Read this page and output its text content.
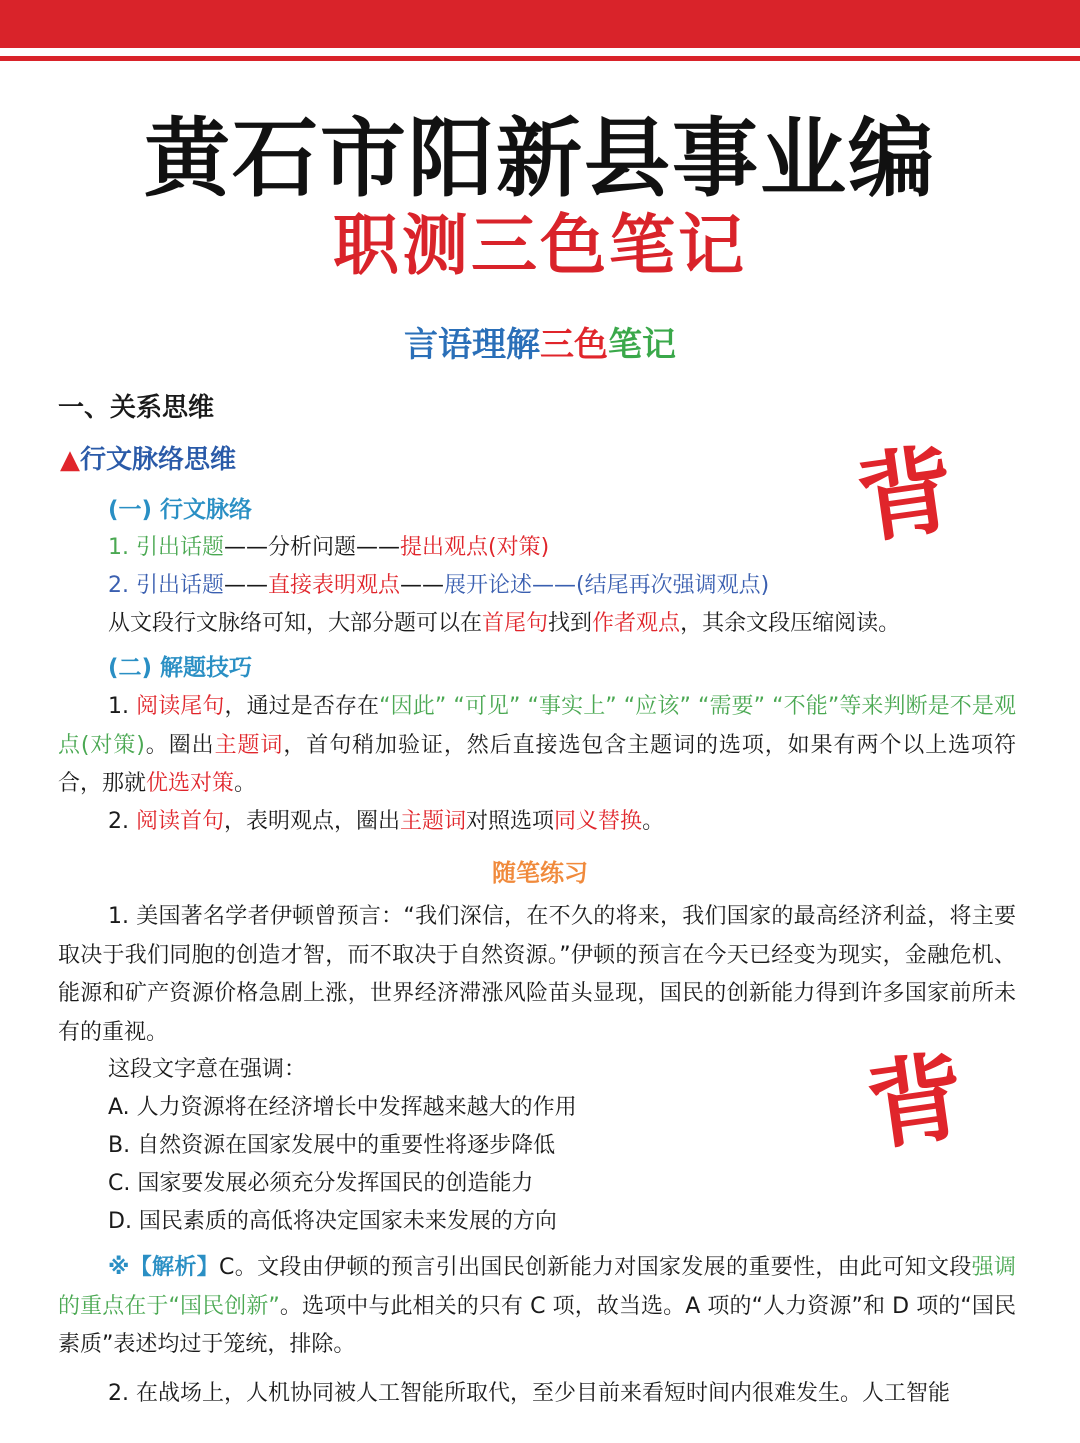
黄石市阳新县事业编
职测三色笔记
言语理解三色笔记
一、关系思维
▲行文脉络思维	背
(一) 行文脉络
1. 引出话题——分析问题——提出观点(对策)
2. 引出话题——直接表明观点——展开论述——(结尾再次强调观点)
从文段行文脉络可知，大部分题可以在首尾句找到作者观点，其余文段压缩阅读。
(二) 解题技巧
1. 阅读尾句，通过是否存在“因此” “可见” “事实上” “应该” “需要” “不能”等来判断是不是观点(对策)。圈出主题词，首句稍加验证，然后直接选包含主题词的选项，如果有两个以上选项符合，那就优选对策。
2. 阅读首句，表明观点，圈出主题词对照选项同义替换。
随笔练习
1. 美国著名学者伊顿曾预言：“我们深信，在不久的将来，我们国家的最高经济利益，将主要取决于我们同胞的创造才智，而不取决于自然资源。”伊顿的预言在今天已经变为现实，金融危机、能源和矿产资源价格急剧上涨，世界经济滞涨风险苗头显现，国民的创新能力得到许多国家前所未有的重视。
这段文字意在强调：
A. 人力资源将在经济增长中发挥越来越大的作用
B. 自然资源在国家发展中的重要性将逐步降低
C. 国家要发展必须充分发挥国民的创造能力
D. 国民素质的高低将决定国家未来发展的方向
背
※【解析】C。文段由伊顿的预言引出国民创新能力对国家发展的重要性，由此可知文段强调的重点在于“国民创新”。选项中与此相关的只有 C 项，故当选。A 项的“人力资源”和 D 项的“国民素质”表述均过于笼统，排除。
2. 在战场上，人机协同被人工智能所取代，至少目前来看短时间内很难发生。人工智能
